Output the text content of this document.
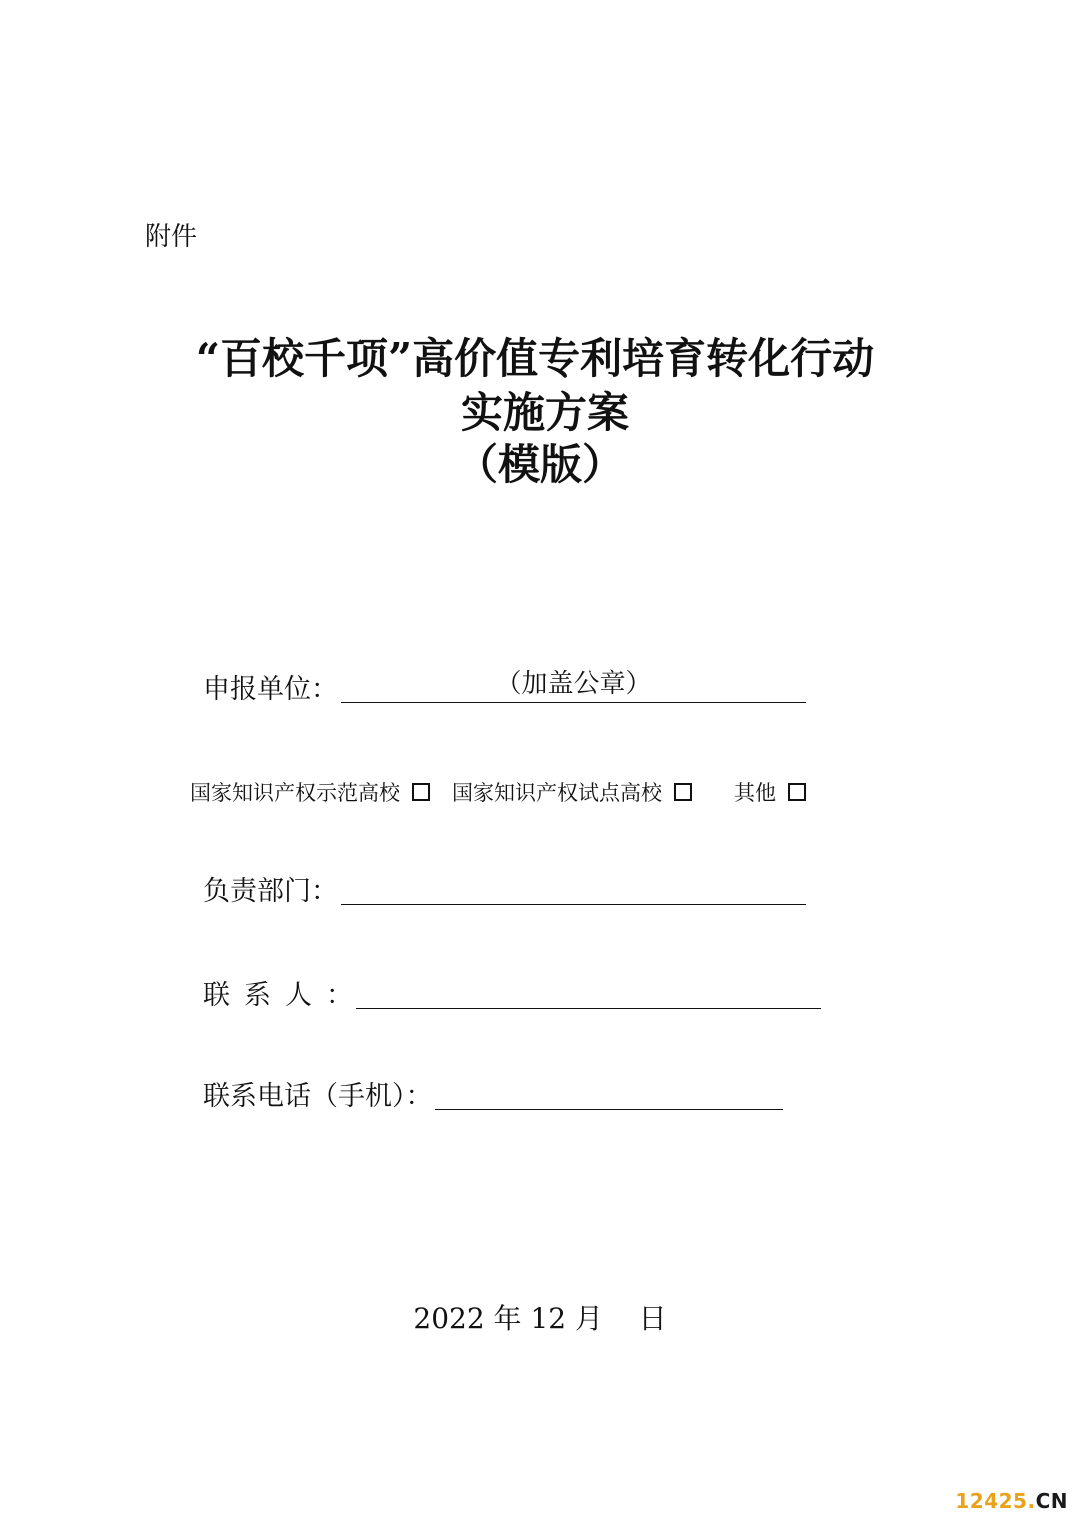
附件
“百校千项”高价值专利培育转化行动
实施方案
（模版）
申报单位：	（加盖公章）
国家知识产权示范高校 国家知识产权试点高校	其他
负责部门：
联系人：
联系电话（手机）：
2022 年 12 月    日
12425.CN
